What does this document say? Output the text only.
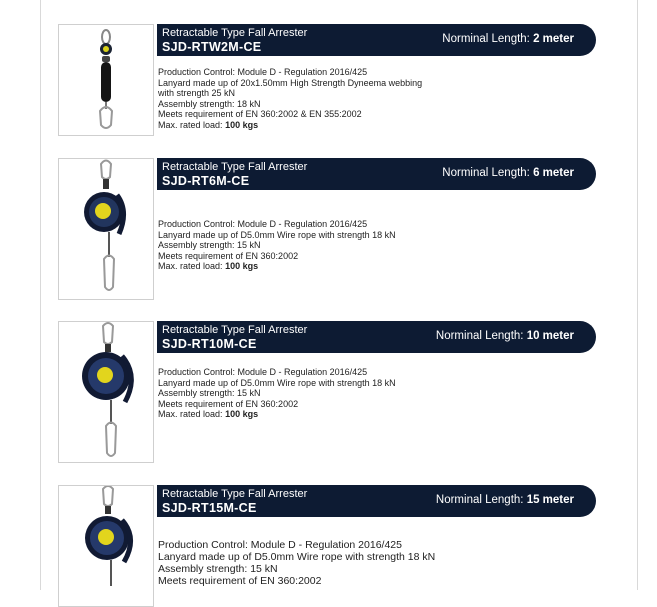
Retractable Type Fall Arrester
SJD-RTW2M-CE
Norminal Length: 2 meter
Production Control: Module D - Regulation 2016/425
Lanyard made up of 20x1.50mm High Strength Dyneema webbing
with strength 25 kN
Assembly strength: 18 kN
Meets requirement of EN 360:2002 & EN 355:2002
Max. rated load: 100 kgs
Retractable Type Fall Arrester
SJD-RT6M-CE
Norminal Length: 6 meter
Production Control: Module D - Regulation 2016/425
Lanyard made up of D5.0mm Wire rope with strength 18 kN
Assembly strength: 15 kN
Meets requirement of EN 360:2002
Max. rated load: 100 kgs
Retractable Type Fall Arrester
SJD-RT10M-CE
Norminal Length: 10 meter
Production Control: Module D - Regulation 2016/425
Lanyard made up of D5.0mm Wire rope with strength 18 kN
Assembly strength: 15 kN
Meets requirement of EN 360:2002
Max. rated load: 100 kgs
Retractable Type Fall Arrester
SJD-RT15M-CE
Norminal Length: 15 meter
Production Control: Module D - Regulation 2016/425
Lanyard made up of D5.0mm Wire rope with strength 18 kN
Assembly strength: 15 kN
Meets requirement of EN 360:2002
